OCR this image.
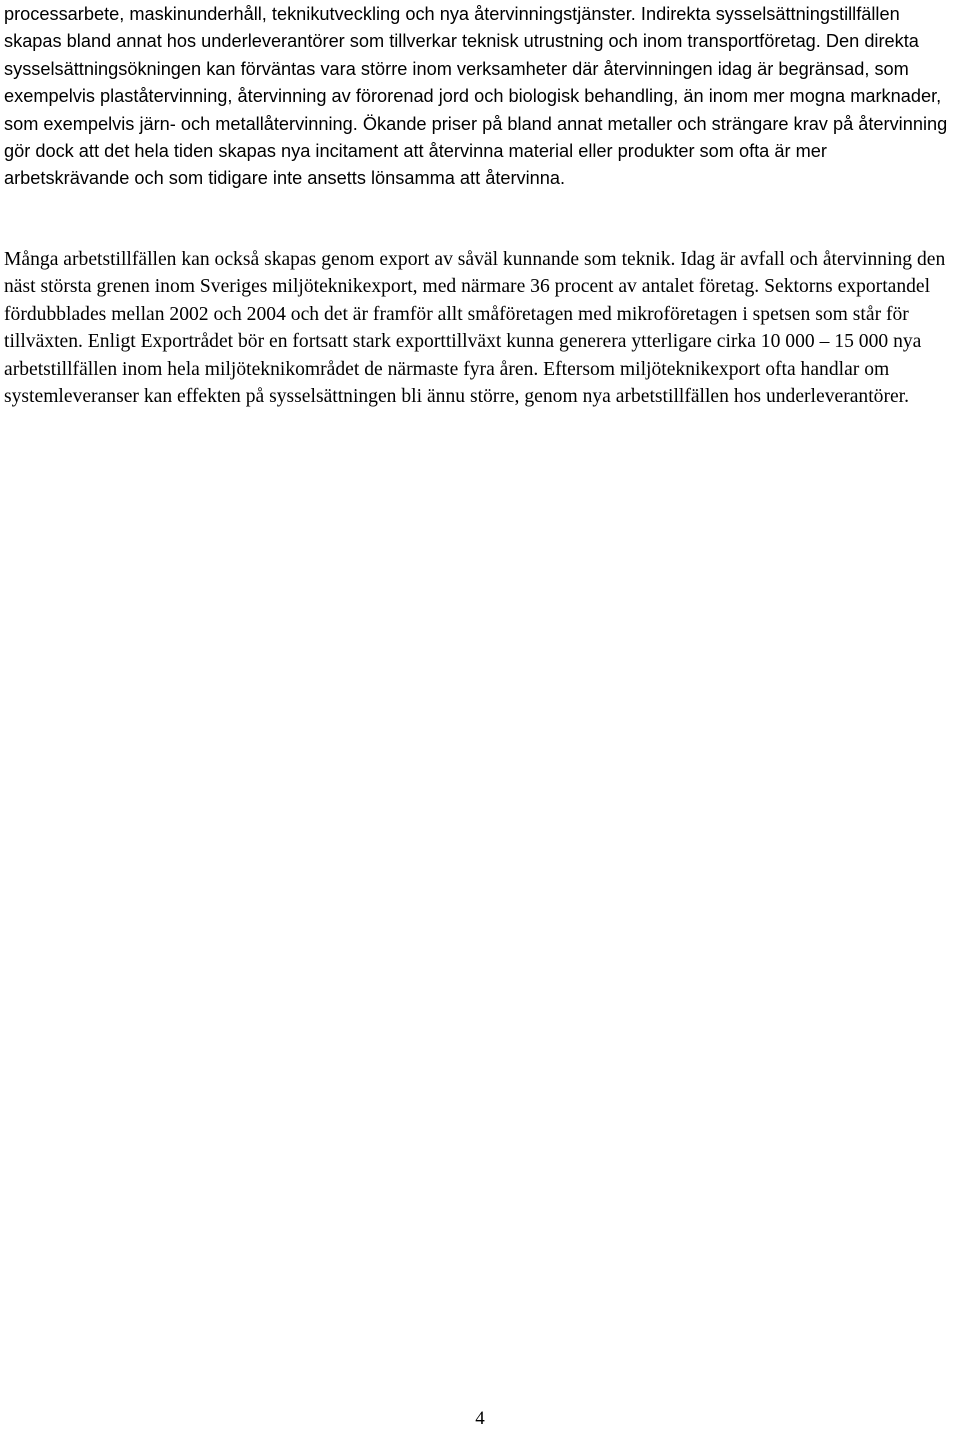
processarbete, maskinunderhåll, teknikutveckling och nya återvinningstjänster. Indirekta sysselsättningstillfällen skapas bland annat hos underleverantörer som tillverkar teknisk utrustning och inom transportföretag. Den direkta sysselsättningsökningen kan förväntas vara större inom verksamheter där återvinningen idag är begränsad, som exempelvis plaståtervinning, återvinning av förorenad jord och biologisk behandling, än inom mer mogna marknader, som exempelvis järn- och metallåtervinning. Ökande priser på bland annat metaller och strängare krav på återvinning gör dock att det hela tiden skapas nya incitament att återvinna material eller produkter som ofta är mer arbetskrävande och som tidigare inte ansetts lönsamma att återvinna.

Många arbetstillfällen kan också skapas genom export av såväl kunnande som teknik. Idag är avfall och återvinning den näst största grenen inom Sveriges miljöteknikexport, med närmare 36 procent av antalet företag. Sektorns exportandel fördubblades mellan 2002 och 2004 och det är framför allt småföretagen med mikroföretagen i spetsen som står för tillväxten. Enligt Exportrådet bör en fortsatt stark exporttillväxt kunna generera ytterligare cirka 10 000 – 15 000 nya arbetstillfällen inom hela miljöteknikområdet de närmaste fyra åren. Eftersom miljöteknikexport ofta handlar om systemleveranser kan effekten på sysselsättningen bli ännu större, genom nya arbetstillfällen hos underleverantörer.

4
